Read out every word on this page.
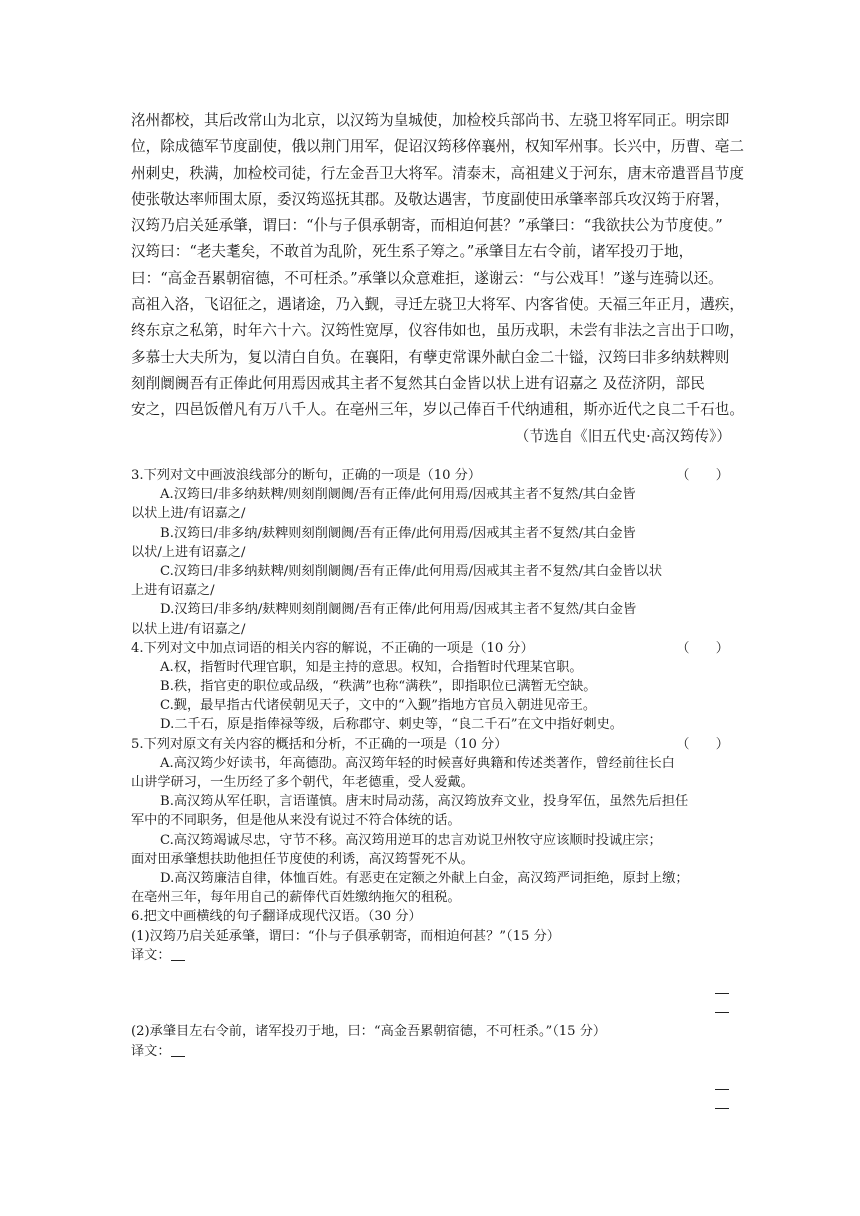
洺州都校，其后改常山为北京，以汉筠为皇城使，加检校兵部尚书、左骁卫将军同正。明宗即
位，除成德军节度副使，俄以荆门用军，促诏汉筠移倅襄州，权知军州事。长兴中，历曹、亳二
州刺史，秩满，加检校司徒，行左金吾卫大将军。清泰末，高祖建义于河东，唐末帝遣晋昌节度
使张敬达率师围太原，委汉筠巡抚其郡。及敬达遇害，节度副使田承肇率部兵攻汉筠于府署，
汉筠乃启关延承肇，谓曰：“仆与子俱承朝寄，而相迫何甚？”承肇曰：“我欲扶公为节度使。”
汉筠曰：“老夫耄矣，不敢首为乱阶，死生系子筹之。”承肇目左右令前，诸军投刃于地，
曰：“高金吾累朝宿德，不可枉杀。”承肇以众意难拒，遂谢云：“与公戏耳！”遂与连骑以还。
高祖入洛，飞诏征之，遇诸途，乃入觐，寻迁左骁卫大将军、内客省使。天福三年正月，遘疾，
终东京之私第，时年六十六。汉筠性宽厚，仪容伟如也，虽历戎职，未尝有非法之言出于口吻，
多慕士大夫所为，复以清白自负。在襄阳，有孽吏常课外献白金二十镒，汉筠曰非多纳麸粺则
刻削阛阓吾有正俸此何用焉因戒其主者不复然其白金皆以状上进有诏嘉之 及莅济阴，部民
安之，四邑饭僧凡有万八千人。在亳州三年，岁以己俸百千代纳逋租，斯亦近代之良二千石也。
（节选自《旧五代史·高汉筠传》）
3.下列对文中画波浪线部分的断句，正确的一项是（10 分）	（　　）
A.汉筠曰/非多纳麸粺/则刻削阛阓/吾有正俸/此何用焉/因戒其主者不复然/其白金皆
以状上进/有诏嘉之/
B.汉筠曰/非多纳/麸粺则刻削阛阓/吾有正俸/此何用焉/因戒其主者不复然/其白金皆
以状/上进有诏嘉之/
C.汉筠曰/非多纳麸粺/则刻削阛阓/吾有正俸/此何用焉/因戒其主者不复然/其白金皆以状
上进有诏嘉之/
D.汉筠曰/非多纳/麸粺则刻削阛阓/吾有正俸/此何用焉/因戒其主者不复然/其白金皆
以状上进/有诏嘉之/
4.下列对文中加点词语的相关内容的解说，不正确的一项是（10 分）	（　　）
A.权，指暂时代理官职，知是主持的意思。权知，合指暂时代理某官职。
B.秩，指官吏的职位或品级，“秩满”也称“满秩”，即指职位已满暂无空缺。
C.觐，最早指古代诸侯朝见天子，文中的“入觐”指地方官员入朝进见帝王。
D.二千石，原是指俸禄等级，后称郡守、刺史等，“良二千石”在文中指好刺史。
5.下列对原文有关内容的概括和分析，不正确的一项是（10 分）	（　　）
A.高汉筠少好读书，年高德劭。高汉筠年轻的时候喜好典籍和传述类著作，曾经前往长白
山讲学研习，一生历经了多个朝代，年老德重，受人爱戴。
B.高汉筠从军任职，言语谨慎。唐末时局动荡，高汉筠放弃文业，投身军伍，虽然先后担任
军中的不同职务，但是他从来没有说过不符合体统的话。
C.高汉筠竭诚尽忠，守节不移。高汉筠用逆耳的忠言劝说卫州牧守应该顺时投诚庄宗；
面对田承肇想扶助他担任节度使的利诱，高汉筠誓死不从。
D.高汉筠廉洁自律，体恤百姓。有恶吏在定额之外献上白金，高汉筠严词拒绝，原封上缴；
在亳州三年，每年用自己的薪俸代百姓缴纳拖欠的租税。
6.把文中画横线的句子翻译成现代汉语。（30 分）
(1)汉筠乃启关延承肇，谓曰：“仆与子俱承朝寄，而相迫何甚？”（15 分）
译文：
(2)承肇目左右令前，诸军投刃于地，曰：“高金吾累朝宿德，不可枉杀。”（15 分）
译文：
